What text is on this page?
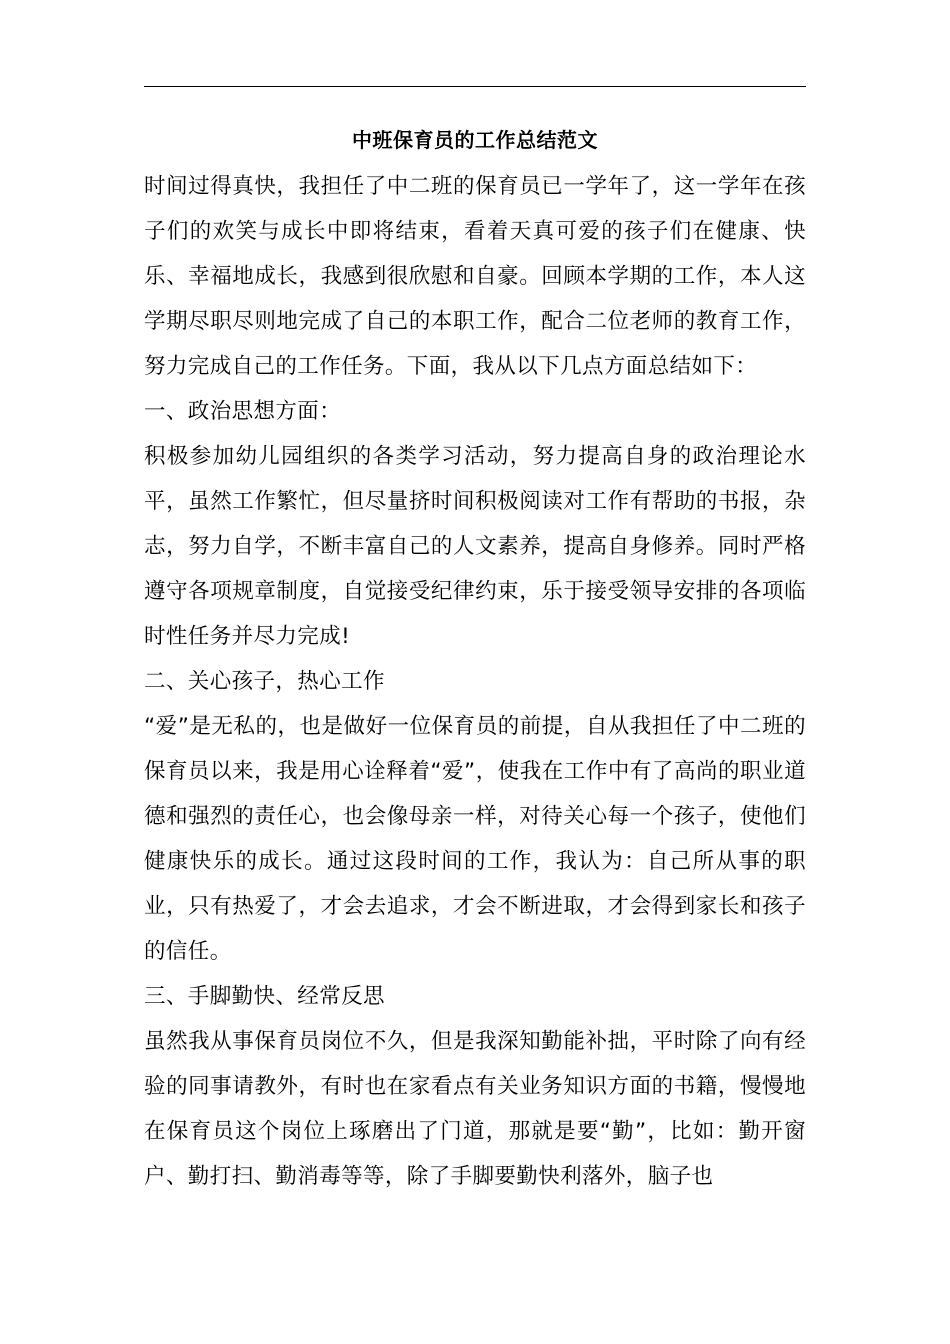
中班保育员的工作总结范文

时间过得真快，我担任了中二班的保育员已一学年了，这一学年在孩子们的欢笑与成长中即将结束，看着天真可爱的孩子们在健康、快乐、幸福地成长，我感到很欣慰和自豪。回顾本学期的工作，本人这学期尽职尽则地完成了自己的本职工作，配合二位老师的教育工作，努力完成自己的工作任务。下面，我从以下几点方面总结如下：

一、政治思想方面：

积极参加幼儿园组织的各类学习活动，努力提高自身的政治理论水平，虽然工作繁忙，但尽量挤时间积极阅读对工作有帮助的书报，杂志，努力自学，不断丰富自己的人文素养，提高自身修养。同时严格遵守各项规章制度，自觉接受纪律约束，乐于接受领导安排的各项临时性任务并尽力完成!

二、关心孩子，热心工作

“爱”是无私的，也是做好一位保育员的前提，自从我担任了中二班的保育员以来，我是用心诠释着“爱”，使我在工作中有了高尚的职业道德和强烈的责任心，也会像母亲一样，对待关心每一个孩子，使他们健康快乐的成长。通过这段时间的工作，我认为：自己所从事的职业，只有热爱了，才会去追求，才会不断进取，才会得到家长和孩子的信任。

三、手脚勤快、经常反思

虽然我从事保育员岗位不久，但是我深知勤能补拙，平时除了向有经验的同事请教外，有时也在家看点有关业务知识方面的书籍，慢慢地在保育员这个岗位上琢磨出了门道，那就是要“勤”，比如：勤开窗户、勤打扫、勤消毒等等，除了手脚要勤快利落外，脑子也
